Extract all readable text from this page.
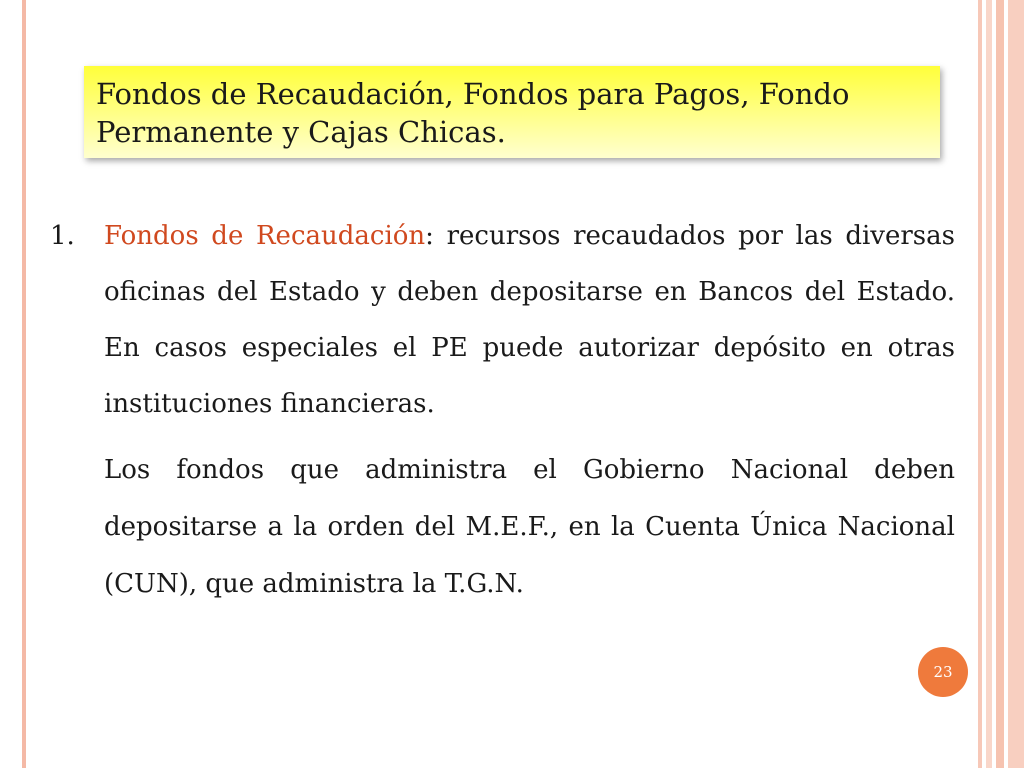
Fondos de Recaudación, Fondos para Pagos, Fondo Permanente y Cajas Chicas.
1. Fondos de Recaudación: recursos recaudados por las diversas oficinas del Estado y deben depositarse en Bancos del Estado. En casos especiales el PE puede autorizar depósito en otras instituciones financieras.
Los fondos que administra el Gobierno Nacional deben depositarse a la orden del M.E.F., en la Cuenta Única Nacional (CUN), que administra la T.G.N.
23
